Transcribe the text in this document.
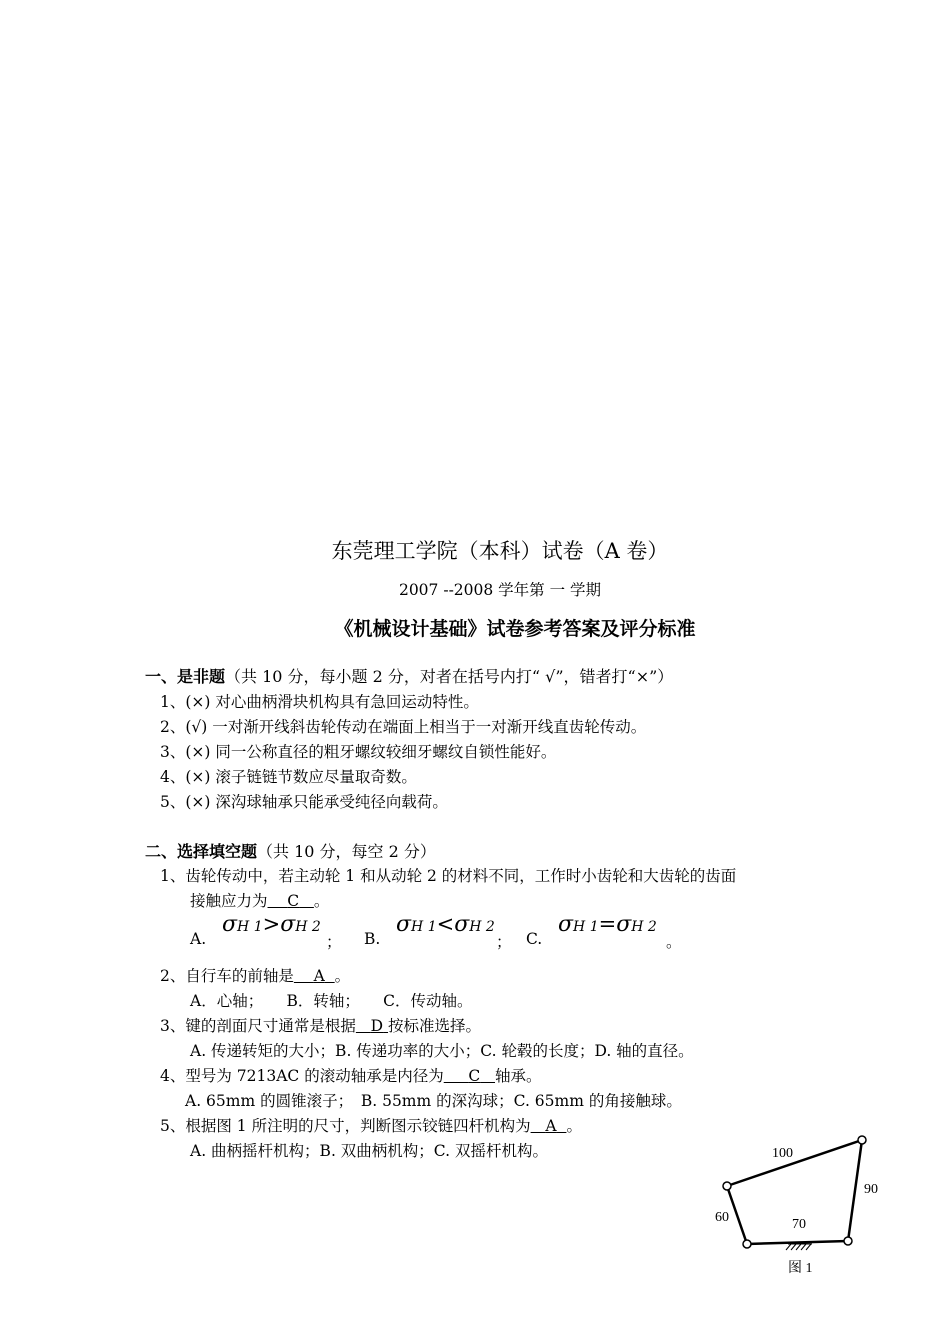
东莞理工学院（本科）试卷（A 卷）
2007 --2008 学年第 一 学期
《机械设计基础》试卷参考答案及评分标准
一、是非题（共 10 分，每小题 2 分，对者在括号内打“ √”，错者打“×”）
1、(×) 对心曲柄滑块机构具有急回运动特性。
2、(√) 一对渐开线斜齿轮传动在端面上相当于一对渐开线直齿轮传动。
3、(×) 同一公称直径的粗牙螺纹较细牙螺纹自锁性能好。
4、(×) 滚子链链节数应尽量取奇数。
5、(×) 深沟球轴承只能承受纯径向载荷。
二、选择填空题（共 10 分，每空 2 分）
1、齿轮传动中，若主动轮 1 和从动轮 2 的材料不同，工作时小齿轮和大齿轮的齿面
接触应力为 C 。
A.
σH 1>σH 2
； B.
σH 1<σH 2
； C.
σH 1=σH 2
。
2、自行车的前轴是 A 。
A．心轴；　　B．转轴；　　C．传动轴。
3、键的剖面尺寸通常是根据 D 按标准选择。
A. 传递转矩的大小；B. 传递功率的大小；C. 轮毂的长度；D. 轴的直径。
4、型号为 7213AC 的滚动轴承是内径为 C 轴承。
A. 65mm 的圆锥滚子；　B. 55mm 的深沟球；C. 65mm 的角接触球。
5、根据图 1 所注明的尺寸，判断图示铰链四杆机构为 A 。
A. 曲柄摇杆机构；B. 双曲柄机构；C. 双摇杆机构。	100
90
60	70
图 1
